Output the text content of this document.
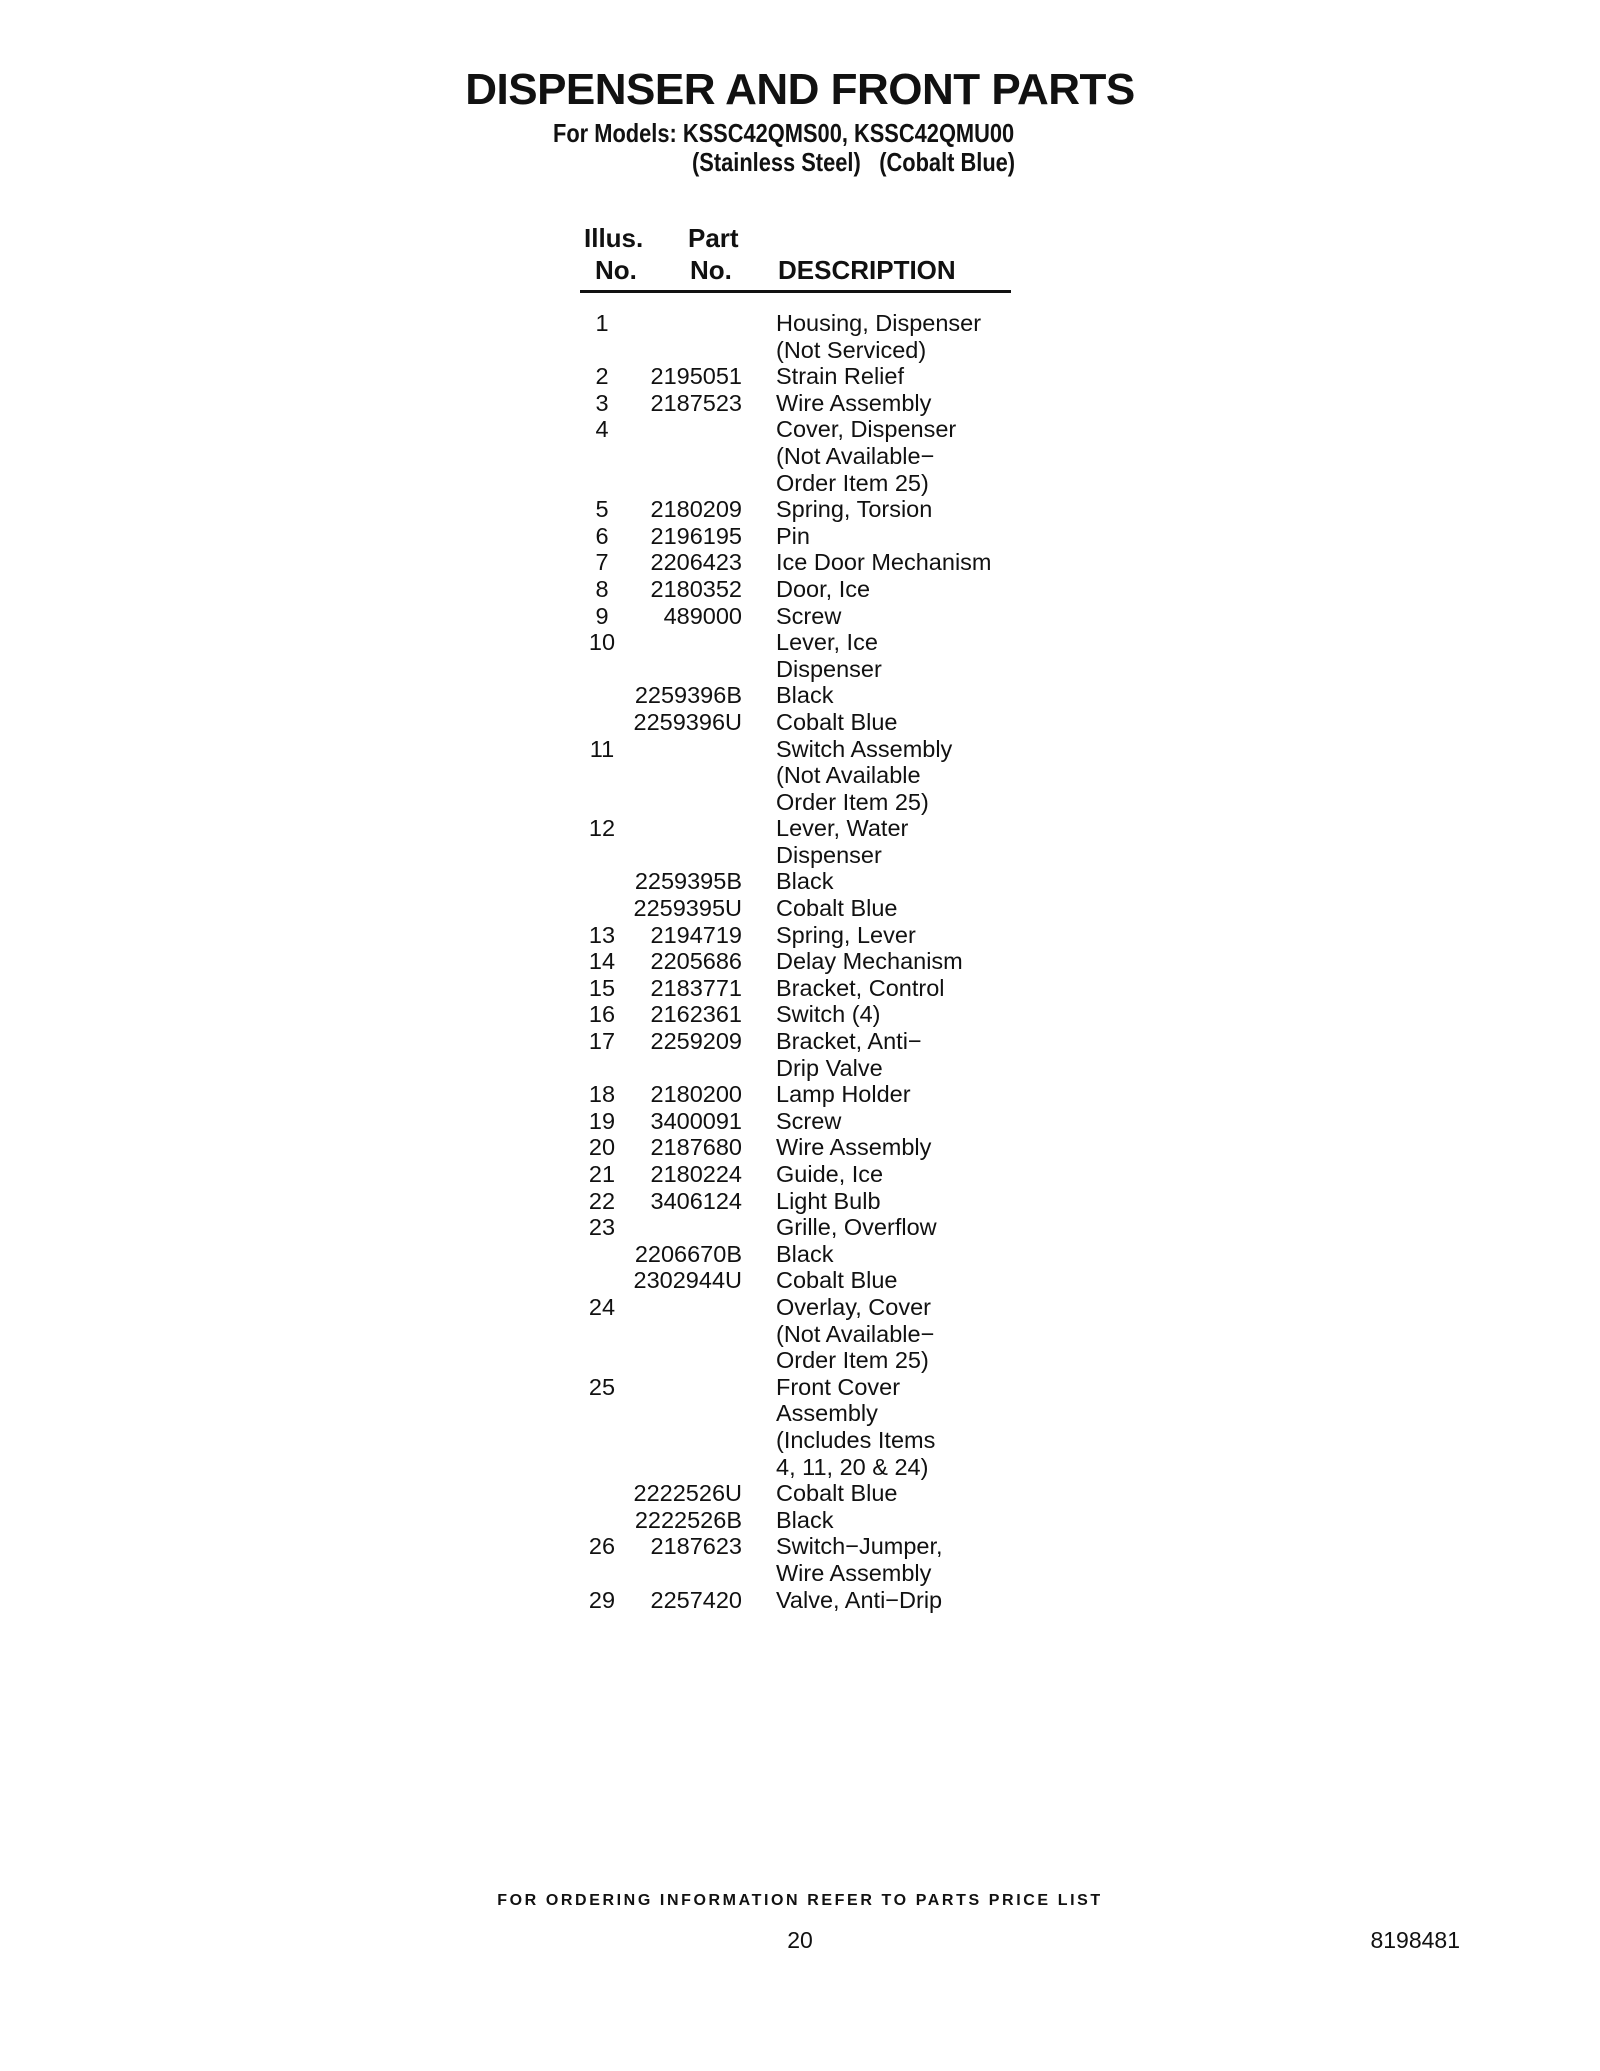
DISPENSER AND FRONT PARTS
For Models: KSSC42QMS00, KSSC42QMU00
(Stainless Steel) (Cobalt Blue)
Illus.
No.
Part
No. DESCRIPTION
1	Housing, Dispenser
(Not Serviced)
2	2195051 Strain Relief
3	2187523 Wire Assembly
4	Cover, Dispenser
(Not Available−
Order Item 25)
5	2180209 Spring, Torsion
6	2196195 Pin
7	2206423 Ice Door Mechanism
8	2180352 Door, Ice
9	489000 Screw
10	Lever, Ice
Dispenser
2259396B Black
2259396U Cobalt Blue
11	Switch Assembly
(Not Available
Order Item 25)
12	Lever, Water
Dispenser
2259395B Black
2259395U Cobalt Blue
13	2194719 Spring, Lever
14	2205686 Delay Mechanism
15	2183771 Bracket, Control
16	2162361 Switch (4)
17	2259209 Bracket, Anti−
Drip Valve
18	2180200 Lamp Holder
19	3400091 Screw
20	2187680 Wire Assembly
21	2180224 Guide, Ice
22	3406124 Light Bulb
23	Grille, Overflow
2206670B Black
2302944U Cobalt Blue
24	Overlay, Cover
(Not Available−
Order Item 25)
25	Front Cover
Assembly
(Includes Items
4, 11, 20 & 24)
2222526U Cobalt Blue
2222526B Black
26	2187623 Switch−Jumper,
Wire Assembly
29	2257420 Valve, Anti−Drip
FOR ORDERING INFORMATION REFER TO PARTS PRICE LIST
20	8198481
